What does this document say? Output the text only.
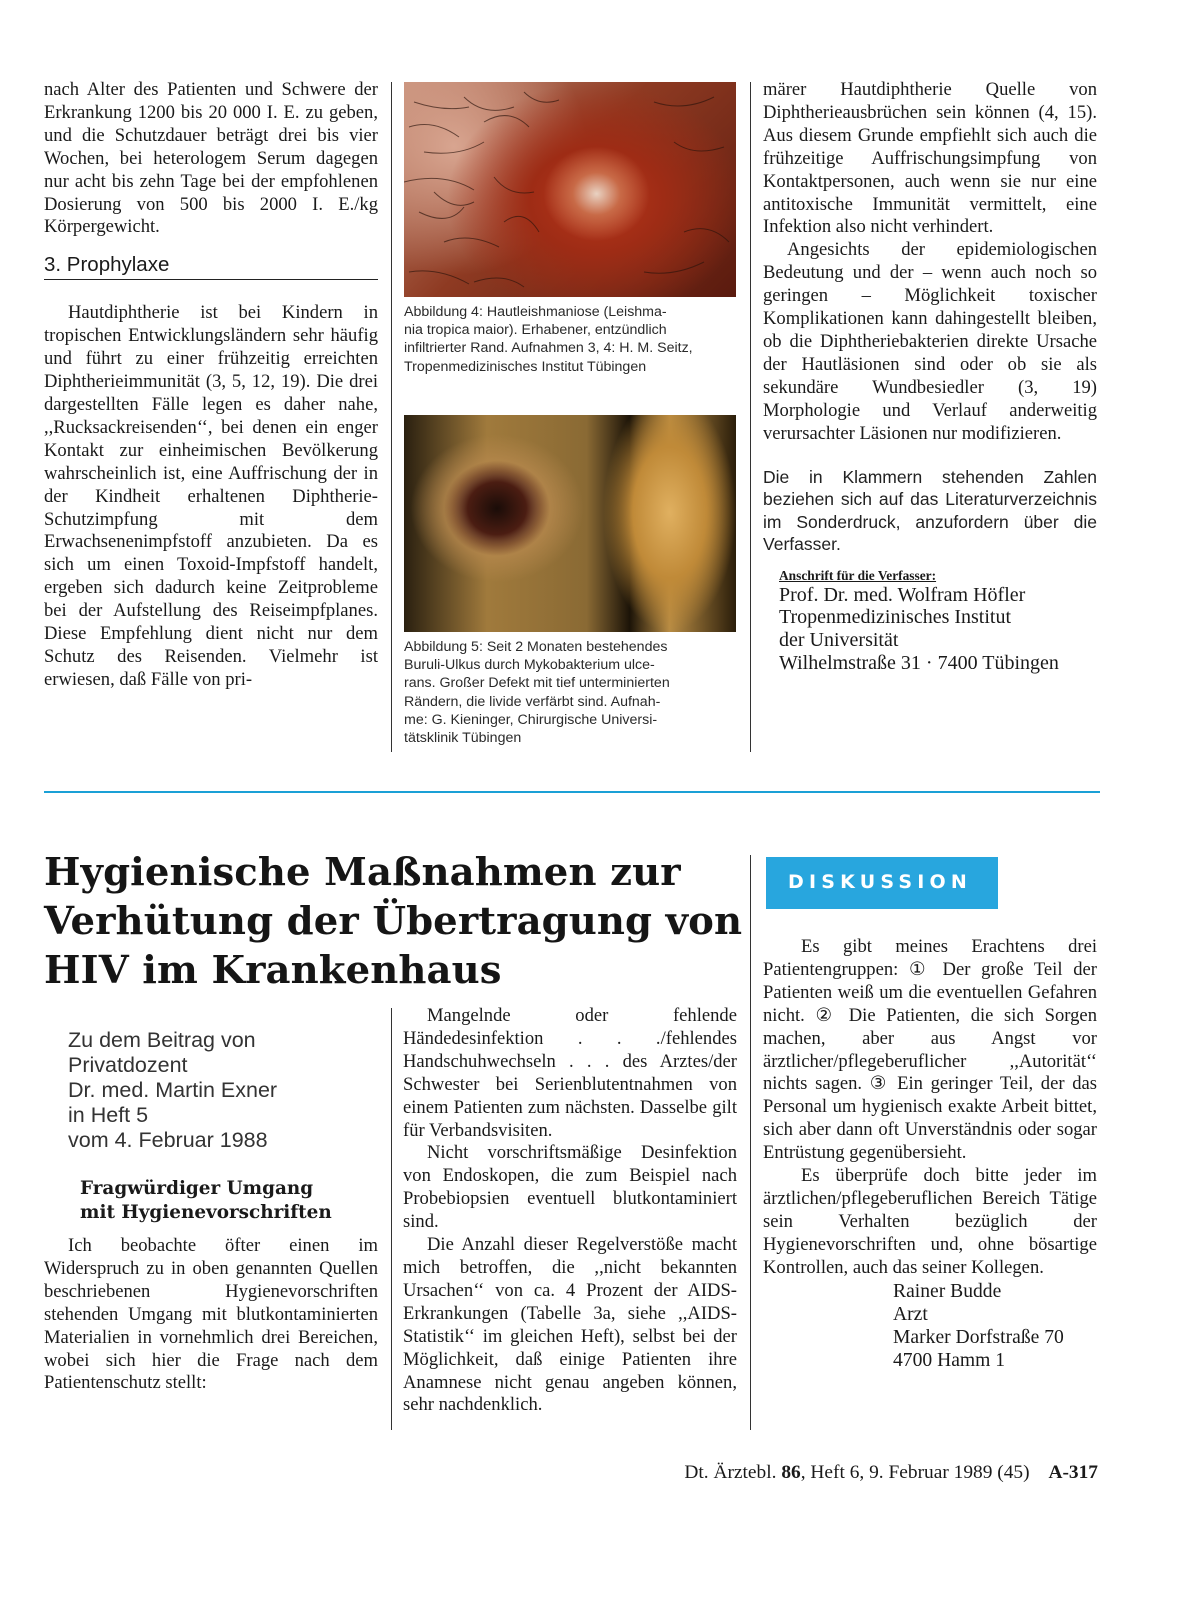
nach Alter des Patienten und Schwere der Erkrankung 1200 bis 20 000 I. E. zu geben, und die Schutzdauer beträgt drei bis vier Wochen, bei heterologem Serum dagegen nur acht bis zehn Tage bei der empfohlenen Dosierung von 500 bis 2000 I. E./kg Körpergewicht.

3. Prophylaxe

Hautdiphtherie ist bei Kindern in tropischen Entwicklungsländern sehr häufig und führt zu einer frühzeitig erreichten Diphtherieimmunität (3, 5, 12, 19). Die drei dargestellten Fälle legen es daher nahe, ,,Rucksackreisenden‘‘, bei denen ein enger Kontakt zur einheimischen Bevölkerung wahrscheinlich ist, eine Auffrischung der in der Kindheit erhaltenen Diphtherie-Schutzimpfung mit dem Erwachsenenimpfstoff anzubieten. Da es sich um einen Toxoid-Impfstoff handelt, ergeben sich dadurch keine Zeitprobleme bei der Aufstellung des Reiseimpfplanes. Diese Empfehlung dient nicht nur dem Schutz des Reisenden. Vielmehr ist erwiesen, daß Fälle von pri-

Abbildung 4: Hautleishmaniose (Leishma-
nia tropica maior). Erhabener, entzündlich
infiltrierter Rand. Aufnahmen 3, 4: H. M. Seitz,
Tropenmedizinisches Institut Tübingen
Abbildung 5: Seit 2 Monaten bestehendes
Buruli-Ulkus durch Mykobakterium ulce-
rans. Großer Defekt mit tief unterminierten
Rändern, die livide verfärbt sind. Aufnah-
me: G. Kieninger, Chirurgische Universi-
tätsklinik Tübingen

märer Hautdiphtherie Quelle von Diphtherieausbrüchen sein können (4, 15). Aus diesem Grunde empfiehlt sich auch die frühzeitige Auffrischungsimpfung von Kontaktpersonen, auch wenn sie nur eine antitoxische Immunität vermittelt, eine Infektion also nicht verhindert.

Angesichts der epidemiologischen Bedeutung und der – wenn auch noch so geringen – Möglichkeit toxischer Komplikationen kann dahingestellt bleiben, ob die Diphtheriebakterien direkte Ursache der Hautläsionen sind oder ob sie als sekundäre Wundbesiedler (3, 19) Morphologie und Verlauf anderweitig verursachter Läsionen nur modifizieren.

Die in Klammern stehenden Zahlen beziehen sich auf das Literaturverzeichnis im Sonderdruck, anzufordern über die Verfasser.

Anschrift für die Verfasser:
Prof. Dr. med. Wolfram Höfler
Tropenmedizinisches Institut
der Universität
Wilhelmstraße 31 · 7400 Tübingen
Hygienische Maßnahmen zur
Verhütung der Übertragung von
HIV im Krankenhaus
Zu dem Beitrag von
Privatdozent
Dr. med. Martin Exner
in Heft 5
vom 4. Februar 1988
Fragwürdiger Umgang
mit Hygienevorschriften

Ich beobachte öfter einen im Widerspruch zu in oben genannten Quellen beschriebenen Hygienevorschriften stehenden Umgang mit blutkontaminierten Materialien in vornehmlich drei Bereichen, wobei sich hier die Frage nach dem Patientenschutz stellt:

Mangelnde oder fehlende Händedesinfektion . . ./fehlendes Handschuhwechseln . . . des Arztes/der Schwester bei Serienblutentnahmen von einem Patienten zum nächsten. Dasselbe gilt für Verbandsvisiten.

Nicht vorschriftsmäßige Desinfektion von Endoskopen, die zum Beispiel nach Probebiopsien eventuell blutkontaminiert sind.

Die Anzahl dieser Regelverstöße macht mich betroffen, die ,,nicht bekannten Ursachen‘‘ von ca. 4 Prozent der AIDS-Erkrankungen (Tabelle 3a, siehe ,,AIDS-Statistik‘‘ im gleichen Heft), selbst bei der Möglichkeit, daß einige Patienten ihre Anamnese nicht genau angeben können, sehr nachdenklich.

DISKUSSION

Es gibt meines Erachtens drei Patientengruppen: ① Der große Teil der Patienten weiß um die eventuellen Gefahren nicht. ② Die Patienten, die sich Sorgen machen, aber aus Angst vor ärztlicher/pflegeberuflicher ,,Autorität‘‘ nichts sagen. ③ Ein geringer Teil, der das Personal um hygienisch exakte Arbeit bittet, sich aber dann oft Unverständnis oder sogar Entrüstung gegenübersieht.

Es überprüfe doch bitte jeder im ärztlichen/pflegeberuflichen Bereich Tätige sein Verhalten bezüglich der Hygienevorschriften und, ohne bösartige Kontrollen, auch das seiner Kollegen.

Rainer Budde
Arzt
Marker Dorfstraße 70
4700 Hamm 1
Dt. Ärztebl. 86, Heft 6, 9. Februar 1989 (45) A-317
